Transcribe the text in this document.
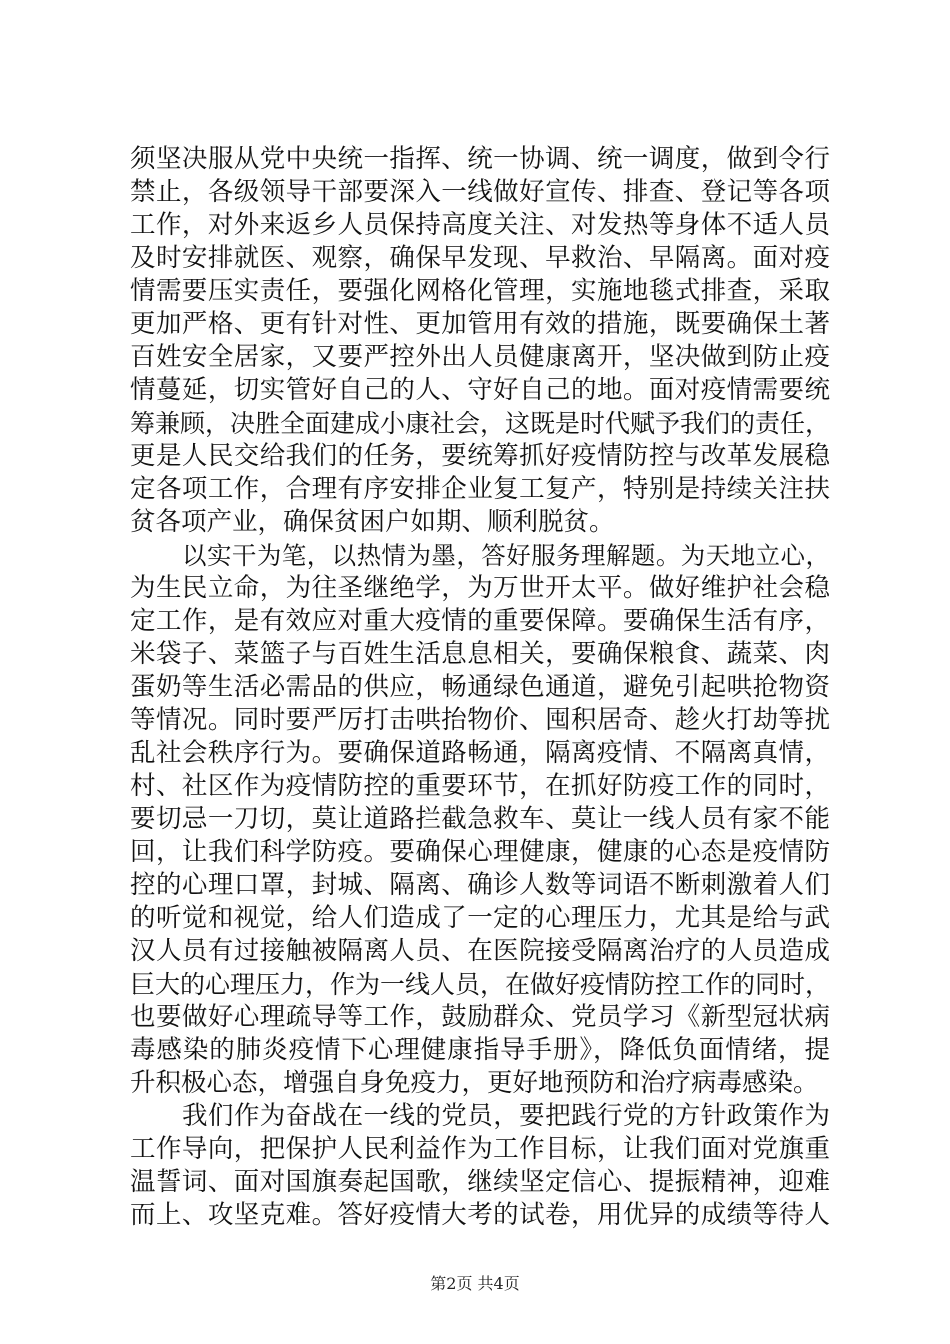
须坚决服从党中央统一指挥、统一协调、统一调度，做到令行
禁止，各级领导干部要深入一线做好宣传、排查、登记等各项
工作，对外来返乡人员保持高度关注、对发热等身体不适人员
及时安排就医、观察，确保早发现、早救治、早隔离。面对疫
情需要压实责任，要强化网格化管理，实施地毯式排查，采取
更加严格、更有针对性、更加管用有效的措施，既要确保土著
百姓安全居家，又要严控外出人员健康离开，坚决做到防止疫
情蔓延，切实管好自己的人、守好自己的地。面对疫情需要统
筹兼顾，决胜全面建成小康社会，这既是时代赋予我们的责任，
更是人民交给我们的任务，要统筹抓好疫情防控与改革发展稳
定各项工作，合理有序安排企业复工复产，特别是持续关注扶
贫各项产业，确保贫困户如期、顺利脱贫。
以实干为笔，以热情为墨，答好服务理解题。为天地立心，
为生民立命，为往圣继绝学，为万世开太平。做好维护社会稳
定工作，是有效应对重大疫情的重要保障。要确保生活有序，
米袋子、菜篮子与百姓生活息息相关，要确保粮食、蔬菜、肉
蛋奶等生活必需品的供应，畅通绿色通道，避免引起哄抢物资
等情况。同时要严厉打击哄抬物价、囤积居奇、趁火打劫等扰
乱社会秩序行为。要确保道路畅通，隔离疫情、不隔离真情，
村、社区作为疫情防控的重要环节，在抓好防疫工作的同时，
要切忌一刀切，莫让道路拦截急救车、莫让一线人员有家不能
回，让我们科学防疫。要确保心理健康，健康的心态是疫情防
控的心理口罩，封城、隔离、确诊人数等词语不断刺激着人们
的听觉和视觉，给人们造成了一定的心理压力，尤其是给与武
汉人员有过接触被隔离人员、在医院接受隔离治疗的人员造成
巨大的心理压力，作为一线人员，在做好疫情防控工作的同时，
也要做好心理疏导等工作，鼓励群众、党员学习《新型冠状病
毒感染的肺炎疫情下心理健康指导手册》，降低负面情绪，提
升积极心态，增强自身免疫力，更好地预防和治疗病毒感染。
我们作为奋战在一线的党员，要把践行党的方针政策作为
工作导向，把保护人民利益作为工作目标，让我们面对党旗重
温誓词、面对国旗奏起国歌，继续坚定信心、提振精神，迎难
而上、攻坚克难。答好疫情大考的试卷，用优异的成绩等待人
第2页 共4页
